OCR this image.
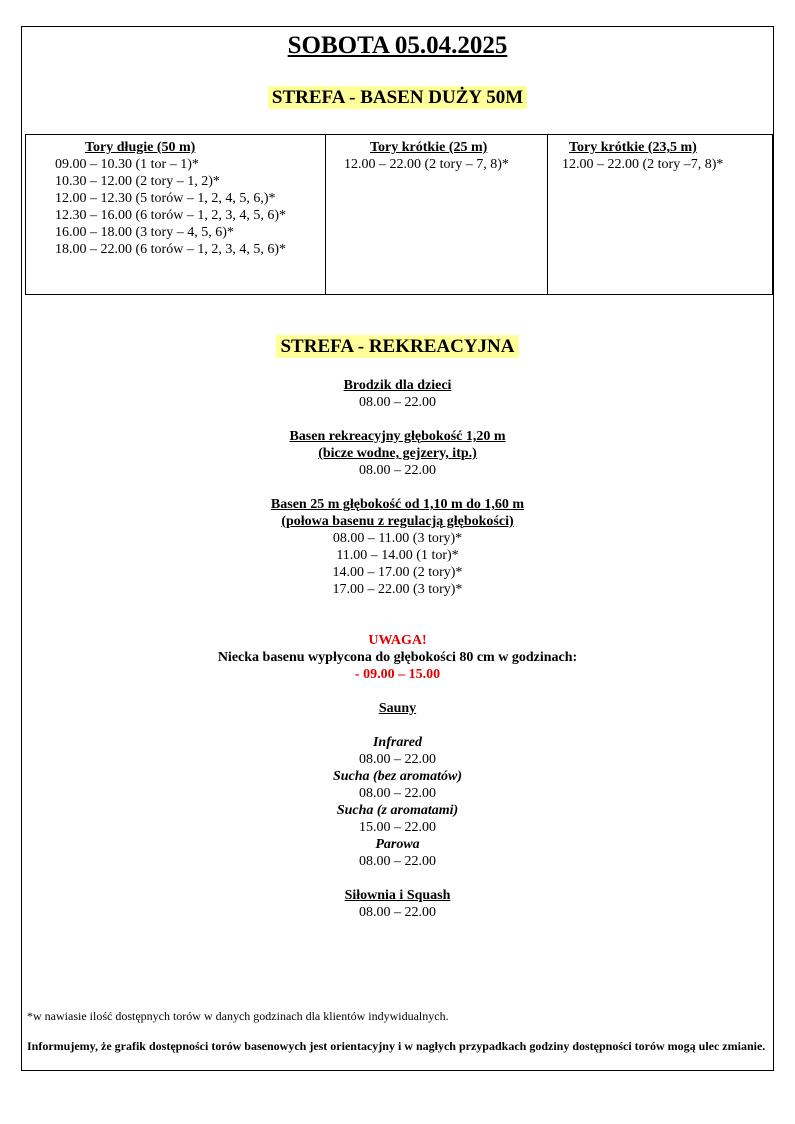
SOBOTA 05.04.2025
STREFA - BASEN DUŻY 50M
Tory długie (50 m)
09.00 – 10.30 (1 tor – 1)*
10.30 – 12.00 (2 tory – 1, 2)*
12.00 – 12.30 (5 torów – 1, 2, 4, 5, 6,)*
12.30 – 16.00 (6 torów – 1, 2, 3, 4, 5, 6)*
16.00 – 18.00 (3 tory – 4, 5, 6)*
18.00 – 22.00 (6 torów – 1, 2, 3, 4, 5, 6)*

Tory krótkie (25 m)
12.00 – 22.00 (2 tory – 7, 8)*

Tory krótkie (23,5 m)
12.00 – 22.00 (2 tory –7, 8)*
STREFA - REKREACYJNA
Brodzik dla dzieci
08.00 – 22.00
Basen rekreacyjny głębokość 1,20 m
(bicze wodne, gejzery, itp.)
08.00 – 22.00
Basen 25 m głębokość od 1,10 m do 1,60 m
(połowa basenu z regulacją głębokości)
08.00 – 11.00 (3 tory)*
11.00 – 14.00 (1 tor)*
14.00 – 17.00 (2 tory)*
17.00 – 22.00 (3 tory)*
UWAGA!
Niecka basenu wypłycona do głębokości 80 cm w godzinach:
- 09.00 – 15.00
Sauny
Infrared
08.00 – 22.00
Sucha (bez aromatów)
08.00 – 22.00
Sucha (z aromatami)
15.00 – 22.00
Parowa
08.00 – 22.00
Siłownia i Squash
08.00 – 22.00
*w nawiasie ilość dostępnych torów w danych godzinach dla klientów indywidualnych.
Informujemy, że grafik dostępności torów basenowych jest orientacyjny i w nagłych przypadkach godziny dostępności torów mogą ulec zmianie.
